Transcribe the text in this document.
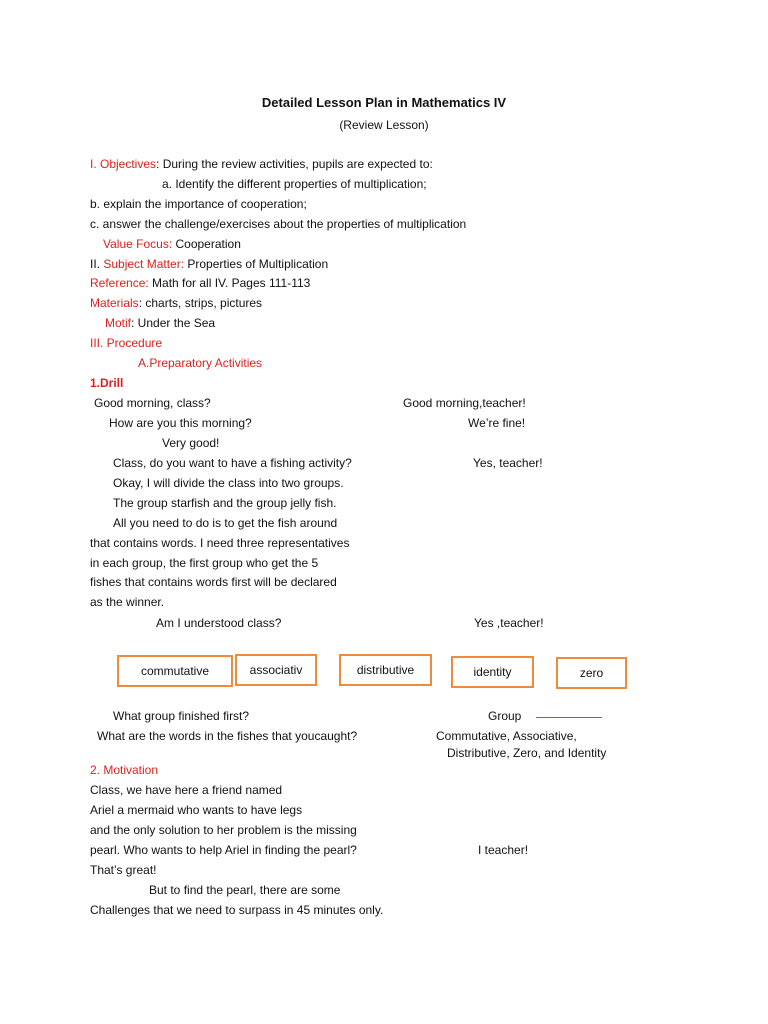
Detailed Lesson Plan in Mathematics IV
(Review Lesson)
I. Objectives: During the review activities, pupils are expected to:
a. Identify the different properties of multiplication;
b. explain the importance of cooperation;
c. answer the challenge/exercises about the properties of multiplication
Value Focus: Cooperation
II. Subject Matter: Properties of Multiplication
Reference: Math for all IV. Pages 111-113
Materials: charts, strips, pictures
Motif: Under the Sea
III. Procedure
A.Preparatory Activities
1.Drill
Good morning, class?	Good morning,teacher!
How are you this morning?	We’re fine!
Very good!
Class, do you want to have a fishing activity?	Yes, teacher!
Okay, I will divide the class into two groups.
The group starfish and the group jelly fish.
All you need to do is to get the fish around
that contains words. I need three representatives
in each group, the first group who get the 5
fishes that contains words first will be declared
as the winner.
Am I understood class?	Yes ,teacher!
commutative	associativ	distributive	identity	zero
What group finished first?	Group
What are the words in the fishes that youcaught?	Commutative, Associative,
Distributive, Zero, and Identity
2. Motivation
Class, we have here a friend named
Ariel a mermaid who wants to have legs
and the only solution to her problem is the missing
pearl. Who wants to help Ariel in finding the pearl?	I teacher!
That’s great!
But to find the pearl, there are some
Challenges that we need to surpass in 45 minutes only.
